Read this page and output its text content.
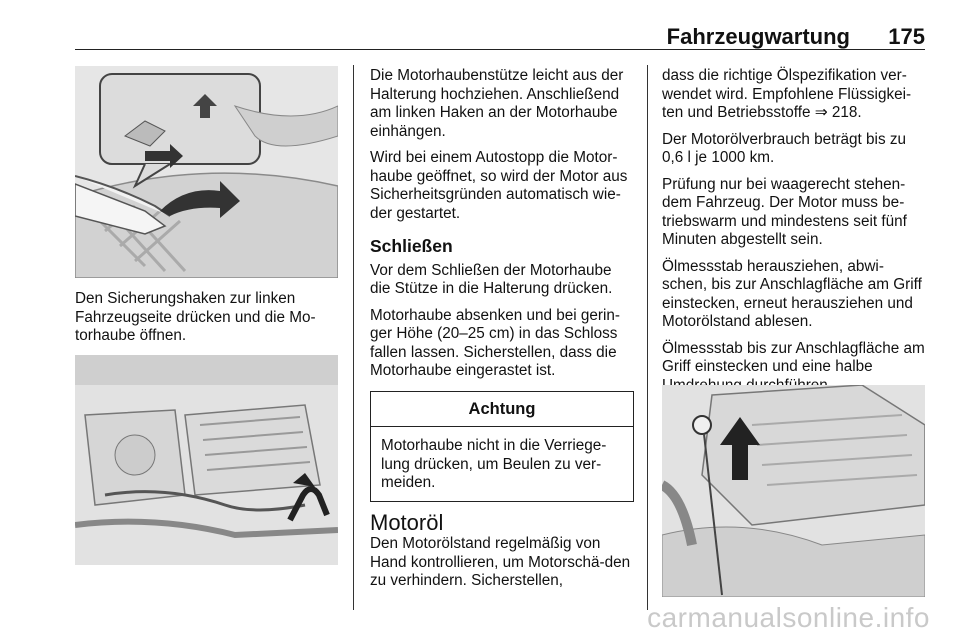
Fahrzeugwartung 175

Den Sicherungshaken zur linken Fahrzeugseite drücken und die Mo-torhaube öffnen.

Die Motorhaubenstütze leicht aus der Halterung hochziehen. Anschließend am linken Haken an der Motorhaube einhängen.

Wird bei einem Autostopp die Motor-haube geöffnet, so wird der Motor aus Sicherheitsgründen automatisch wie-der gestartet.

Schließen

Vor dem Schließen der Motorhaube die Stütze in die Halterung drücken.

Motorhaube absenken und bei gerin-ger Höhe (20–25 cm) in das Schloss fallen lassen. Sicherstellen, dass die Motorhaube eingerastet ist.

Achtung
Motorhaube nicht in die Verriege-lung drücken, um Beulen zu ver-meiden.
Motoröl

Den Motorölstand regelmäßig von Hand kontrollieren, um Motorschä-den zu verhindern. Sicherstellen,

dass die richtige Ölspezifikation ver-wendet wird. Empfohlene Flüssigkei-ten und Betriebsstoffe ⇒ 218.

Der Motorölverbrauch beträgt bis zu 0,6 l je 1000 km.

Prüfung nur bei waagerecht stehen-dem Fahrzeug. Der Motor muss be-triebswarm und mindestens seit fünf Minuten abgestellt sein.

Ölmessstab herausziehen, abwi-schen, bis zur Anschlagfläche am Griff einstecken, erneut herausziehen und Motorölstand ablesen.

Ölmessstab bis zur Anschlagfläche am Griff einstecken und eine halbe

carmanualsonline.info
